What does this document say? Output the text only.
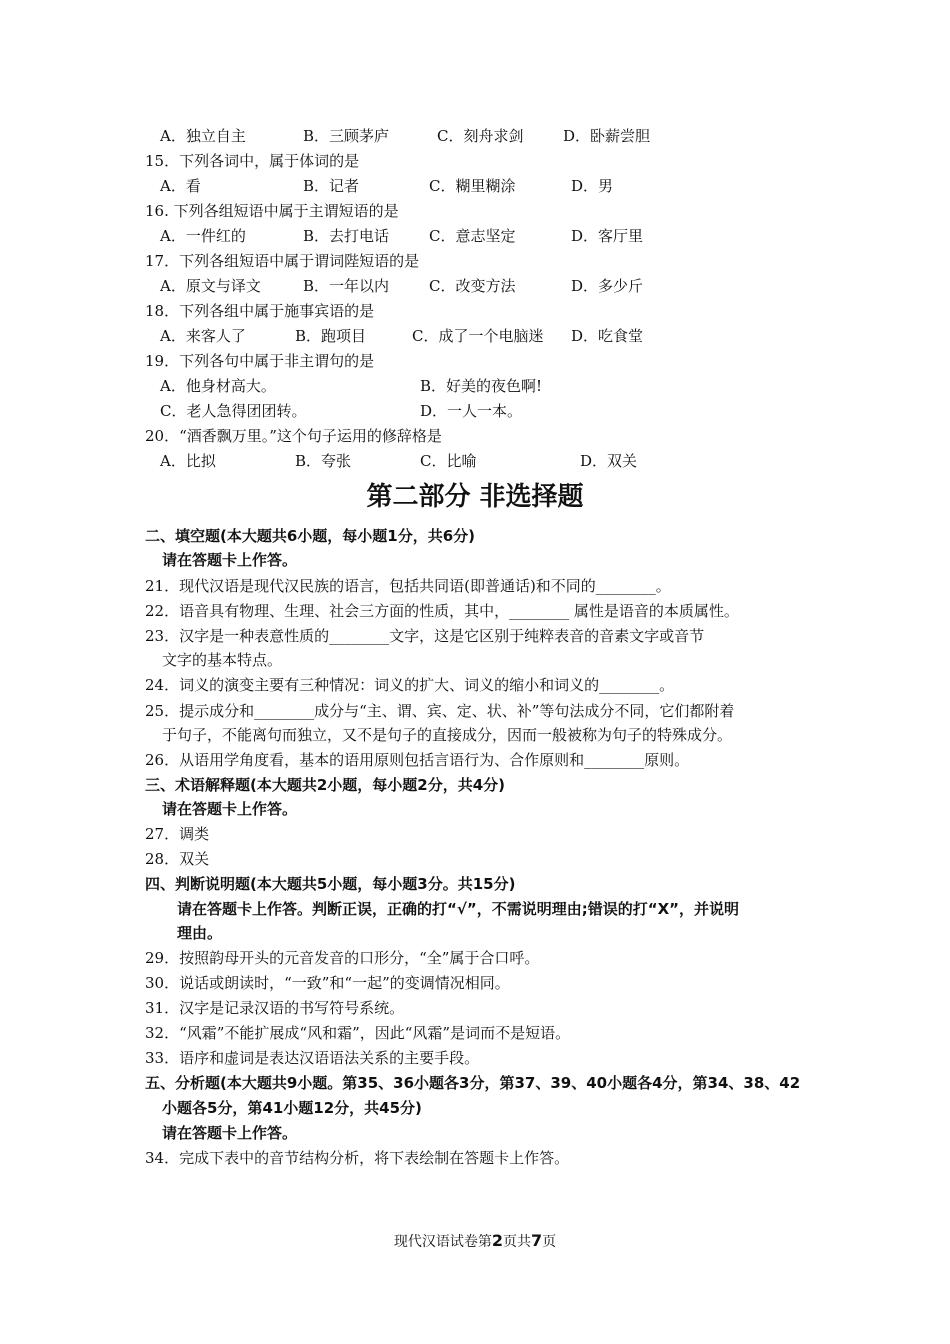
A．独立自主	B．三顾茅庐	C．刻舟求剑	D．卧薪尝胆
15．下列各词中，属于体词的是
A．看	B．记者	C．糊里糊涂	D．男
16. 下列各组短语中属于主谓短语的是
A．一件红的	B．去打电话	C．意志坚定	D．客厅里
17．下列各组短语中属于谓词陛短语的是
A．原文与译文	B．一年以内	C．改变方法	D．多少斤
18．下列各组中属于施事宾语的是
A．来客人了	B．跑项目	C．成了一个电脑迷 D．吃食堂
19．下列各句中属于非主谓句的是
A．他身材高大。	B．好美的夜色啊!
C．老人急得团团转。	D．一人一本。
20．“酒香飘万里。”这个句子运用的修辞格是
A．比拟	B．夸张	C．比喻	D．双关
第二部分 非选择题
二、填空题(本大题共6小题，每小题1分，共6分)
请在答题卡上作答。
21．现代汉语是现代汉民族的语言，包括共同语(即普通话)和不同的________。
22．语音具有物理、生理、社会三方面的性质，其中，________ 属性是语音的本质属性。
23．汉字是一种表意性质的________文字，这是它区别于纯粹表音的音素文字或音节
文字的基本特点。
24．词义的演变主要有三种情况：词义的扩大、词义的缩小和词义的________。
25．提示成分和________成分与“主、谓、宾、定、状、补”等句法成分不同，它们都附着
于句子，不能离句而独立，又不是句子的直接成分，因而一般被称为句子的特殊成分。
26．从语用学角度看，基本的语用原则包括言语行为、合作原则和________原则。
三、术语解释题(本大题共2小题，每小题2分，共4分)
请在答题卡上作答。
27．调类
28．双关
四、判断说明题(本大题共5小题，每小题3分。共15分)
请在答题卡上作答。判断正误，正确的打“√”，不需说明理由;错误的打“X”，并说明
理由。
29．按照韵母开头的元音发音的口形分，“全”属于合口呼。
30．说话或朗读时，“一致”和“一起”的变调情况相同。
31．汉字是记录汉语的书写符号系统。
32．“风霜”不能扩展成“风和霜”，因此“风霜”是词而不是短语。
33．语序和虚词是表达汉语语法关系的主要手段。
五、分析题(本大题共9小题。第35、36小题各3分，第37、39、40小题各4分，第34、38、42
小题各5分，第41小题12分，共45分)
请在答题卡上作答。
34．完成下表中的音节结构分析，将下表绘制在答题卡上作答。
现代汉语试卷第2页共7页
